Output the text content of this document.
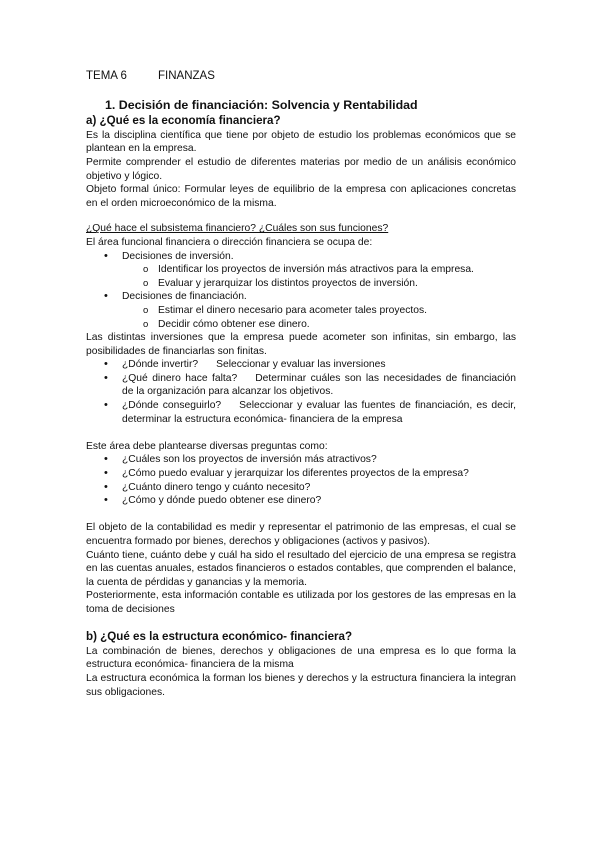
TEMA 6	FINANZAS
1. Decisión de financiación: Solvencia y Rentabilidad
a) ¿Qué es la economía financiera?

Es la disciplina científica que tiene por objeto de estudio los problemas económicos que se plantean en la empresa.

Permite comprender el estudio de diferentes materias por medio de un análisis económico objetivo y lógico.

Objeto formal único: Formular leyes de equilibrio de la empresa con aplicaciones concretas en el orden microeconómico de la misma.

¿Qué hace el subsistema financiero? ¿Cuáles son sus funciones?

El área funcional financiera o dirección financiera se ocupa de:

• Decisiones de inversión.
o Identificar los proyectos de inversión más atractivos para la empresa.
o Evaluar y jerarquizar los distintos proyectos de inversión.
• Decisiones de financiación.
o Estimar el dinero necesario para acometer tales proyectos.
o Decidir cómo obtener ese dinero.

Las distintas inversiones que la empresa puede acometer son infinitas, sin embargo, las posibilidades de financiarlas son finitas.

• ¿Dónde invertir? Seleccionar y evaluar las inversiones
• ¿Qué dinero hace falta? Determinar cuáles son las necesidades de financiación de la organización para alcanzar los objetivos.
• ¿Dónde conseguirlo? Seleccionar y evaluar las fuentes de financiación, es decir, determinar la estructura económica- financiera de la empresa

Este área debe plantearse diversas preguntas como:

• ¿Cuáles son los proyectos de inversión más atractivos?
• ¿Cómo puedo evaluar y jerarquizar los diferentes proyectos de la empresa?
• ¿Cuánto dinero tengo y cuánto necesito?
• ¿Cómo y dónde puedo obtener ese dinero?

El objeto de la contabilidad es medir y representar el patrimonio de las empresas, el cual se encuentra formado por bienes, derechos y obligaciones (activos y pasivos).

Cuánto tiene, cuánto debe y cuál ha sido el resultado del ejercicio de una empresa se registra en las cuentas anuales, estados financieros o estados contables, que comprenden el balance, la cuenta de pérdidas y ganancias y la memoria.

Posteriormente, esta información contable es utilizada por los gestores de las empresas en la toma de decisiones

b) ¿Qué es la estructura económico- financiera?

La combinación de bienes, derechos y obligaciones de una empresa es lo que forma la estructura económica- financiera de la misma

La estructura económica la forman los bienes y derechos y la estructura financiera la integran sus obligaciones.
